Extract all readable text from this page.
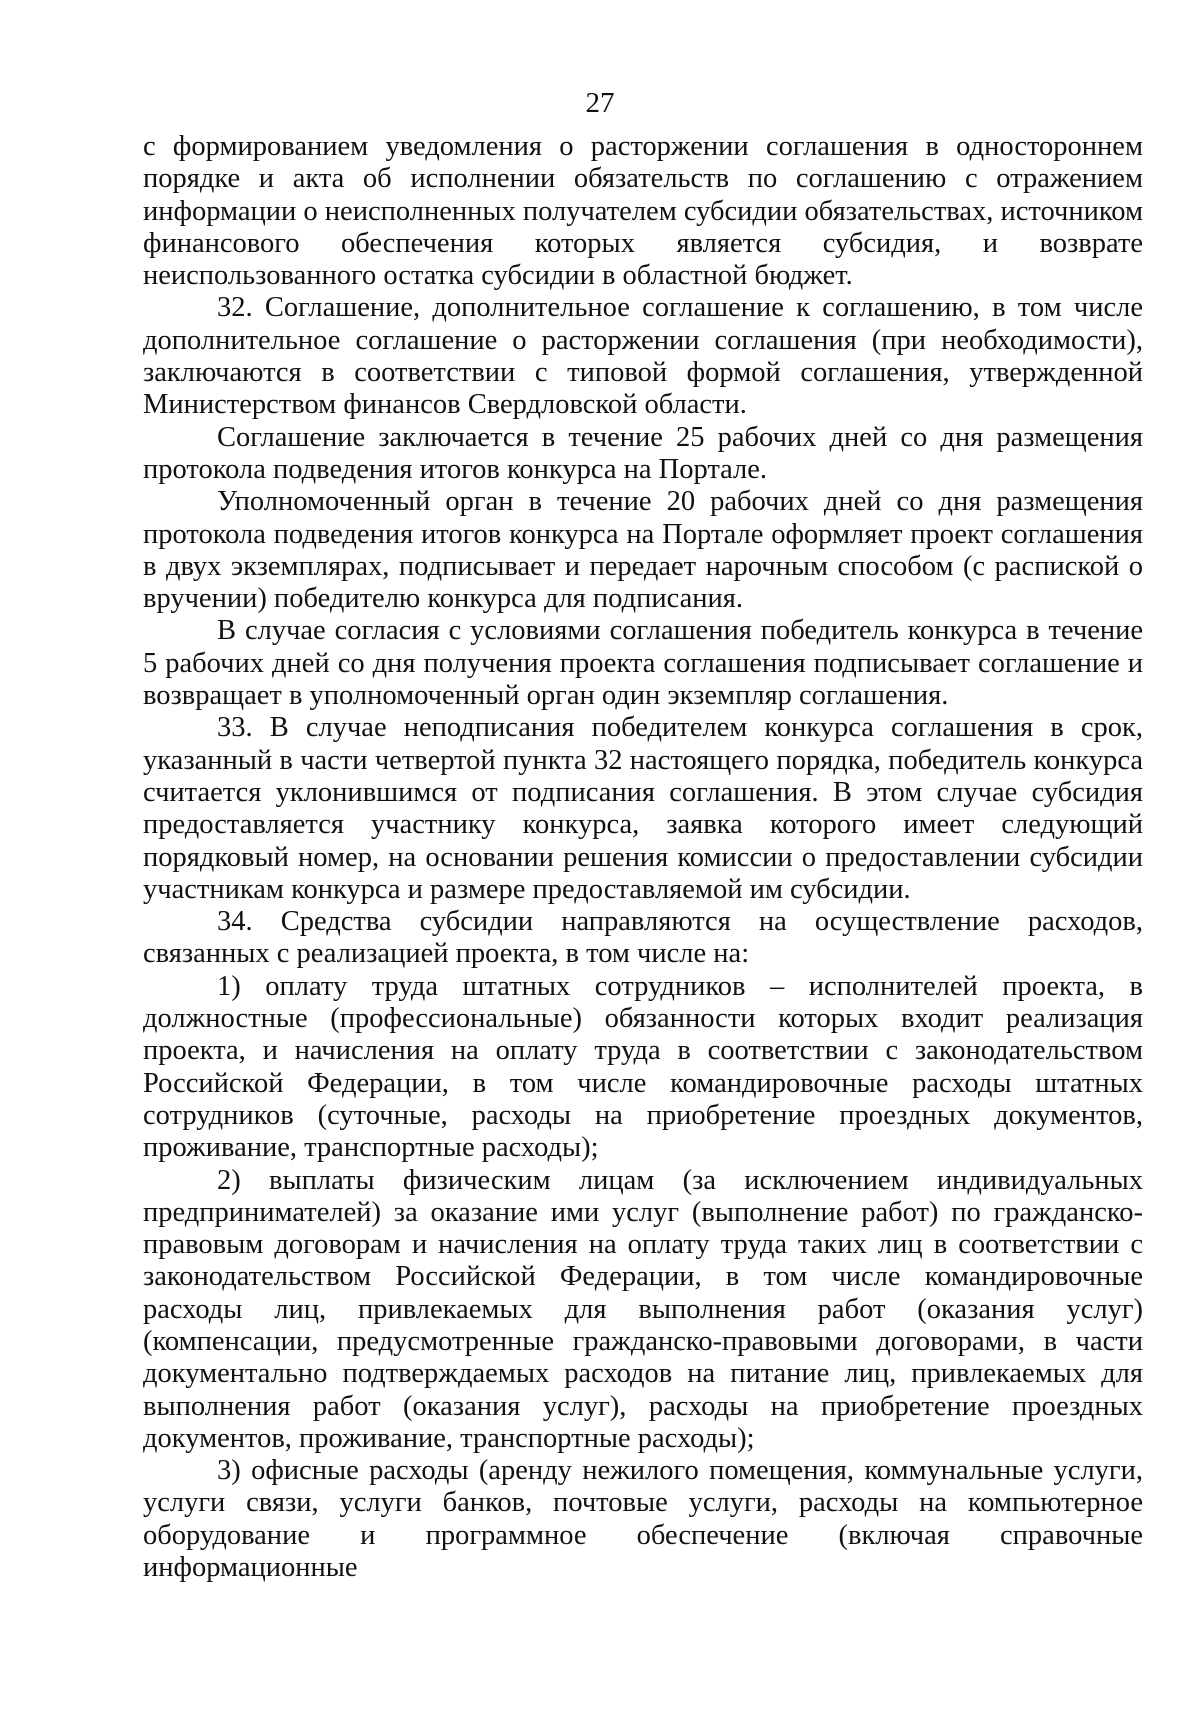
27

с формированием уведомления о расторжении соглашения в одностороннем порядке и акта об исполнении обязательств по соглашению с отражением информации о неисполненных получателем субсидии обязательствах, источником финансового обеспечения которых является субсидия, и возврате неиспользованного остатка субсидии в областной бюджет.

32. Соглашение, дополнительное соглашение к соглашению, в том числе дополнительное соглашение о расторжении соглашения (при необходимости), заключаются в соответствии с типовой формой соглашения, утвержденной Министерством финансов Свердловской области.

Соглашение заключается в течение 25 рабочих дней со дня размещения протокола подведения итогов конкурса на Портале.

Уполномоченный орган в течение 20 рабочих дней со дня размещения протокола подведения итогов конкурса на Портале оформляет проект соглашения в двух экземплярах, подписывает и передает нарочным способом (с распиской о вручении) победителю конкурса для подписания.

В случае согласия с условиями соглашения победитель конкурса в течение 5 рабочих дней со дня получения проекта соглашения подписывает соглашение и возвращает в уполномоченный орган один экземпляр соглашения.

33. В случае неподписания победителем конкурса соглашения в срок, указанный в части четвертой пункта 32 настоящего порядка, победитель конкурса считается уклонившимся от подписания соглашения. В этом случае субсидия предоставляется участнику конкурса, заявка которого имеет следующий порядковый номер, на основании решения комиссии о предоставлении субсидии участникам конкурса и размере предоставляемой им субсидии.

34. Средства субсидии направляются на осуществление расходов, связанных с реализацией проекта, в том числе на:

1) оплату труда штатных сотрудников – исполнителей проекта, в должностные (профессиональные) обязанности которых входит реализация проекта, и начисления на оплату труда в соответствии с законодательством Российской Федерации, в том числе командировочные расходы штатных сотрудников (суточные, расходы на приобретение проездных документов, проживание, транспортные расходы);

2) выплаты физическим лицам (за исключением индивидуальных предпринимателей) за оказание ими услуг (выполнение работ) по гражданско-правовым договорам и начисления на оплату труда таких лиц в соответствии с законодательством Российской Федерации, в том числе командировочные расходы лиц, привлекаемых для выполнения работ (оказания услуг) (компенсации, предусмотренные гражданско-правовыми договорами, в части документально подтверждаемых расходов на питание лиц, привлекаемых для выполнения работ (оказания услуг), расходы на приобретение проездных документов, проживание, транспортные расходы);

3) офисные расходы (аренду нежилого помещения, коммунальные услуги, услуги связи, услуги банков, почтовые услуги, расходы на компьютерное оборудование и программное обеспечение (включая справочные информационные
